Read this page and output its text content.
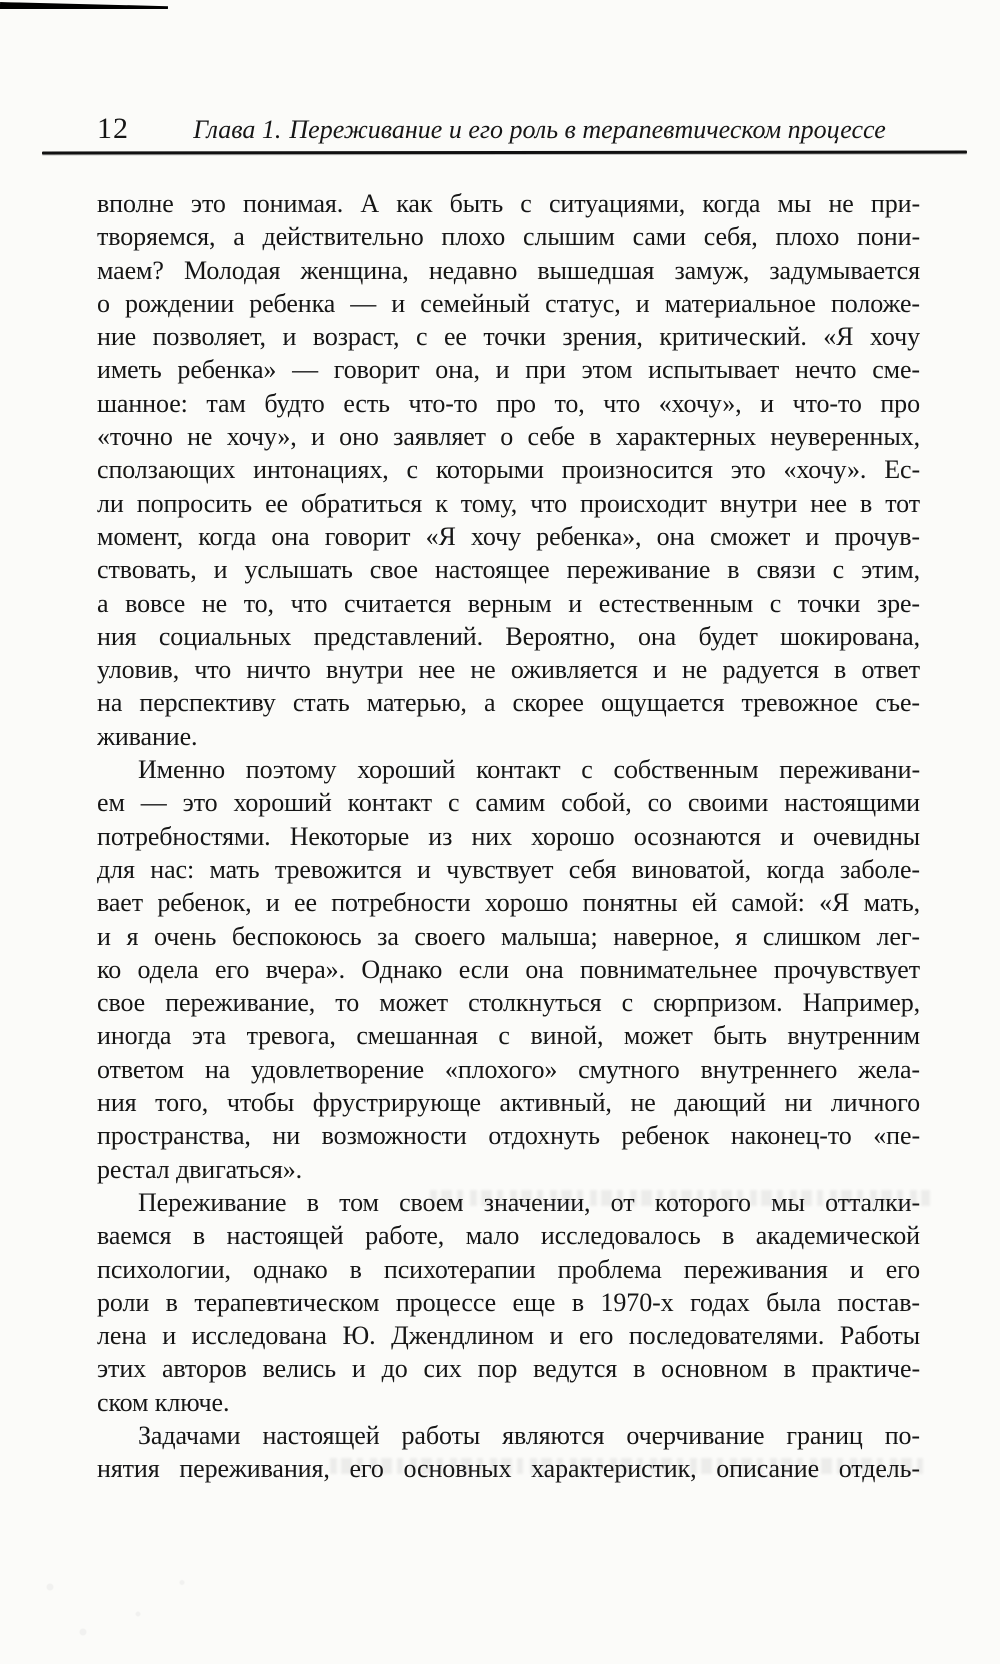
12	Глава 1. Переживание и его роль в терапевтическом процессе
вполне это понимая. А как быть с ситуациями, когда мы не при-
творяемся, а действительно плохо слышим сами себя, плохо пони-
маем? Молодая женщина, недавно вышедшая замуж, задумывается
о рождении ребенка — и семейный статус, и материальное положе-
ние позволяет, и возраст, с ее точки зрения, критический. «Я хочу
иметь ребенка» — говорит она, и при этом испытывает нечто сме-
шанное: там будто есть что-то про то, что «хочу», и что-то про
«точно не хочу», и оно заявляет о себе в характерных неуверенных,
сползающих интонациях, с которыми произносится это «хочу». Ес-
ли попросить ее обратиться к тому, что происходит внутри нее в тот
момент, когда она говорит «Я хочу ребенка», она сможет и прочув-
ствовать, и услышать свое настоящее переживание в связи с этим,
а вовсе не то, что считается верным и естественным с точки зре-
ния социальных представлений. Вероятно, она будет шокирована,
уловив, что ничто внутри нее не оживляется и не радуется в ответ
на перспективу стать матерью, а скорее ощущается тревожное съе-
живание.
Именно поэтому хороший контакт с собственным переживани-
ем — это хороший контакт с самим собой, со своими настоящими
потребностями. Некоторые из них хорошо осознаются и очевидны
для нас: мать тревожится и чувствует себя виноватой, когда заболе-
вает ребенок, и ее потребности хорошо понятны ей самой: «Я мать,
и я очень беспокоюсь за своего малыша; наверное, я слишком лег-
ко одела его вчера». Однако если она повнимательнее прочувствует
свое переживание, то может столкнуться с сюрпризом. Например,
иногда эта тревога, смешанная с виной, может быть внутренним
ответом на удовлетворение «плохого» смутного внутреннего жела-
ния того, чтобы фрустрирующе активный, не дающий ни личного
пространства, ни возможности отдохнуть ребенок наконец-то «пе-
рестал двигаться».
Переживание в том своем значении, от которого мы отталки-
ваемся в настоящей работе, мало исследовалось в академической
психологии, однако в психотерапии проблема переживания и его
роли в терапевтическом процессе еще в 1970-х годах была постав-
лена и исследована Ю. Джендлином и его последователями. Работы
этих авторов велись и до сих пор ведутся в основном в практиче-
ском ключе.
Задачами настоящей работы являются очерчивание границ по-
нятия переживания, его основных характеристик, описание отдель-
